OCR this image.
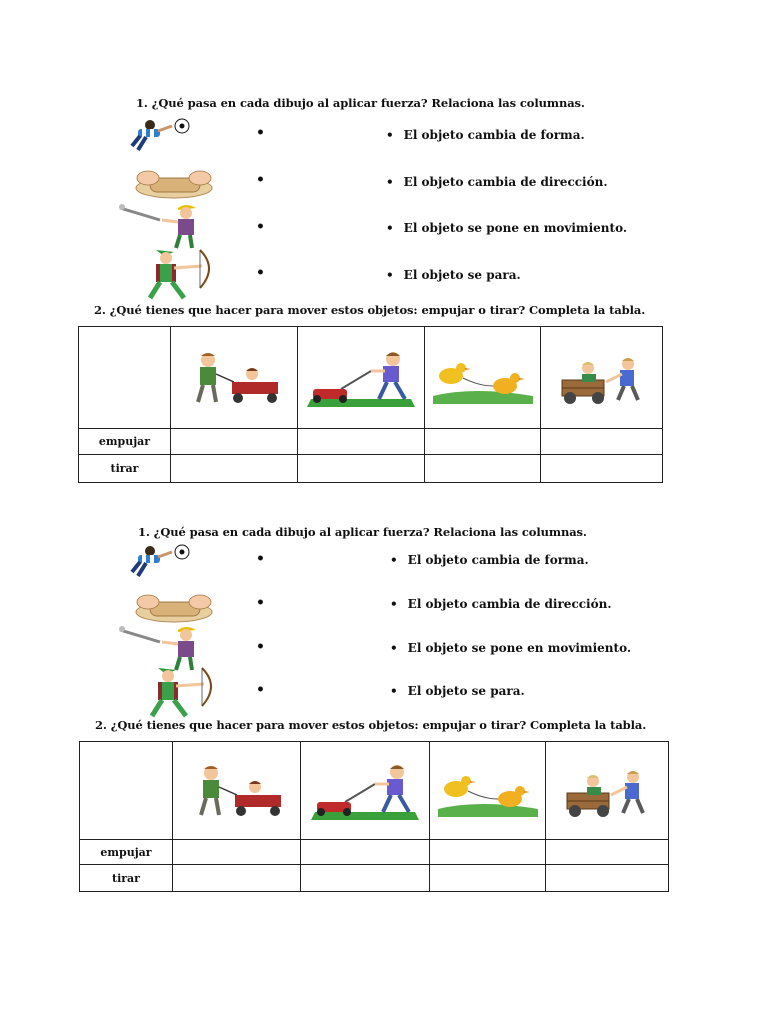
1. ¿Qué pasa en cada dibujo al aplicar fuerza? Relaciona las columnas.
•
•
•
•
• El objeto cambia de forma.
• El objeto cambia de dirección.
• El objeto se pone en movimiento.
• El objeto se para.
2. ¿Qué tienes que hacer para mover estos objetos: empujar o tirar? Completa la tabla.

empujar				
tirar				
1. ¿Qué pasa en cada dibujo al aplicar fuerza? Relaciona las columnas.
•
•
•
•
• El objeto cambia de forma.
• El objeto cambia de dirección.
• El objeto se pone en movimiento.
• El objeto se para.
2. ¿Qué tienes que hacer para mover estos objetos: empujar o tirar? Completa la tabla.

empujar				
tirar				
